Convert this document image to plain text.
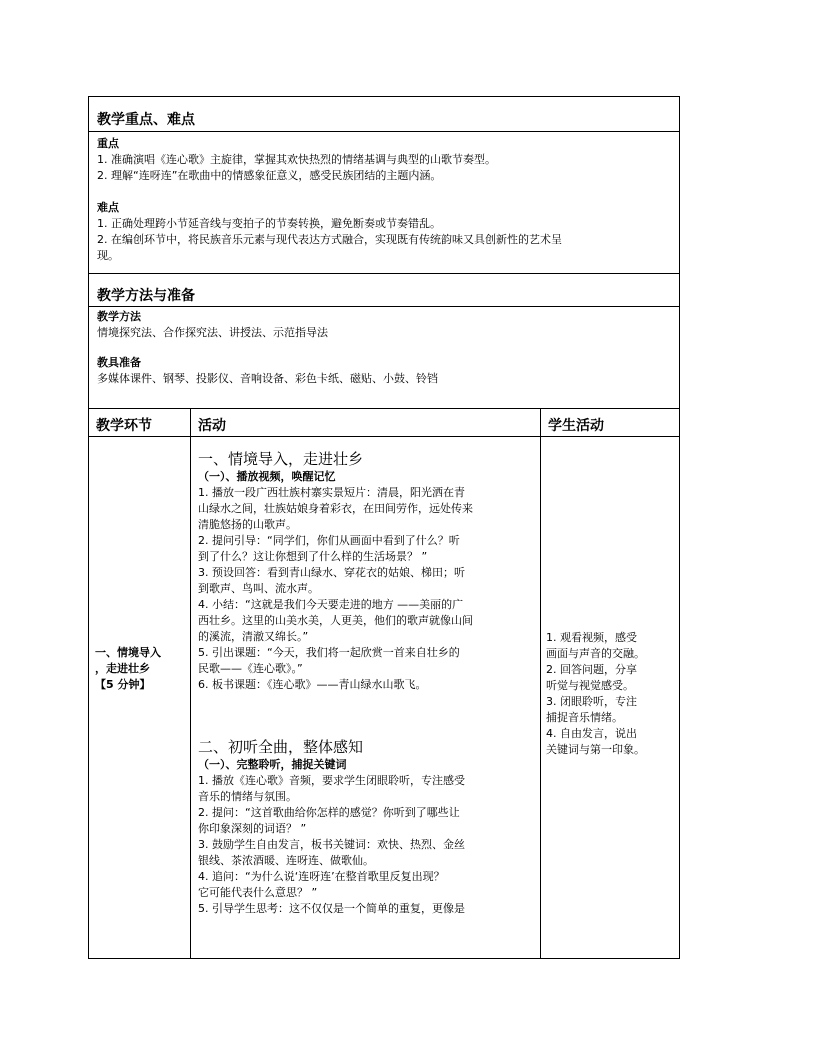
教学重点、难点
重点
1. 准确演唱《连心歌》主旋律，掌握其欢快热烈的情绪基调与典型的山歌节奏型。
2. 理解“连呀连”在歌曲中的情感象征意义，感受民族团结的主题内涵。
难点
1. 正确处理跨小节延音线与变拍子的节奏转换，避免断奏或节奏错乱。
2. 在编创环节中，将民族音乐元素与现代表达方式融合，实现既有传统韵味又具创新性的艺术呈
现。
教学方法与准备
教学方法
情境探究法、合作探究法、讲授法、示范指导法
教具准备
多媒体课件、钢琴、投影仪、音响设备、彩色卡纸、磁贴、小鼓、铃铛
教学环节
一、情境导入
，走进壮乡
【5 分钟】
活动
一、情境导入，走进壮乡
（一）、播放视频，唤醒记忆
1. 播放一段广西壮族村寨实景短片：清晨，阳光洒在青
山绿水之间，壮族姑娘身着彩衣，在田间劳作，远处传来
清脆悠扬的山歌声。
2. 提问引导：“同学们，你们从画面中看到了什么？听
到了什么？这让你想到了什么样的生活场景？ ”
3. 预设回答：看到青山绿水、穿花衣的姑娘、梯田；听
到歌声、鸟叫、流水声。
4. 小结：“这就是我们今天要走进的地方 ——美丽的广
西壮乡。这里的山美水美，人更美，他们的歌声就像山间
的溪流，清澈又绵长。”
5. 引出课题：“今天，我们将一起欣赏一首来自壮乡的
民歌——《连心歌》。”
6. 板书课题：《连心歌》——青山绿水山歌飞。
二、初听全曲，整体感知
（一）、完整聆听，捕捉关键词
1. 播放《连心歌》音频，要求学生闭眼聆听，专注感受
音乐的情绪与氛围。
2. 提问：“这首歌曲给你怎样的感觉？你听到了哪些让
你印象深刻的词语？ ”
3. 鼓励学生自由发言，板书关键词：欢快、热烈、金丝
银线、茶浓酒暖、连呀连、做歌仙。
4. 追问：“为什么说‘连呀连’在整首歌里反复出现？
它可能代表什么意思？ ”
5. 引导学生思考：这不仅仅是一个简单的重复，更像是
学生活动
1. 观看视频，感受
画面与声音的交融。
2. 回答问题，分享
听觉与视觉感受。
3. 闭眼聆听，专注
捕捉音乐情绪。
4. 自由发言，说出
关键词与第一印象。
